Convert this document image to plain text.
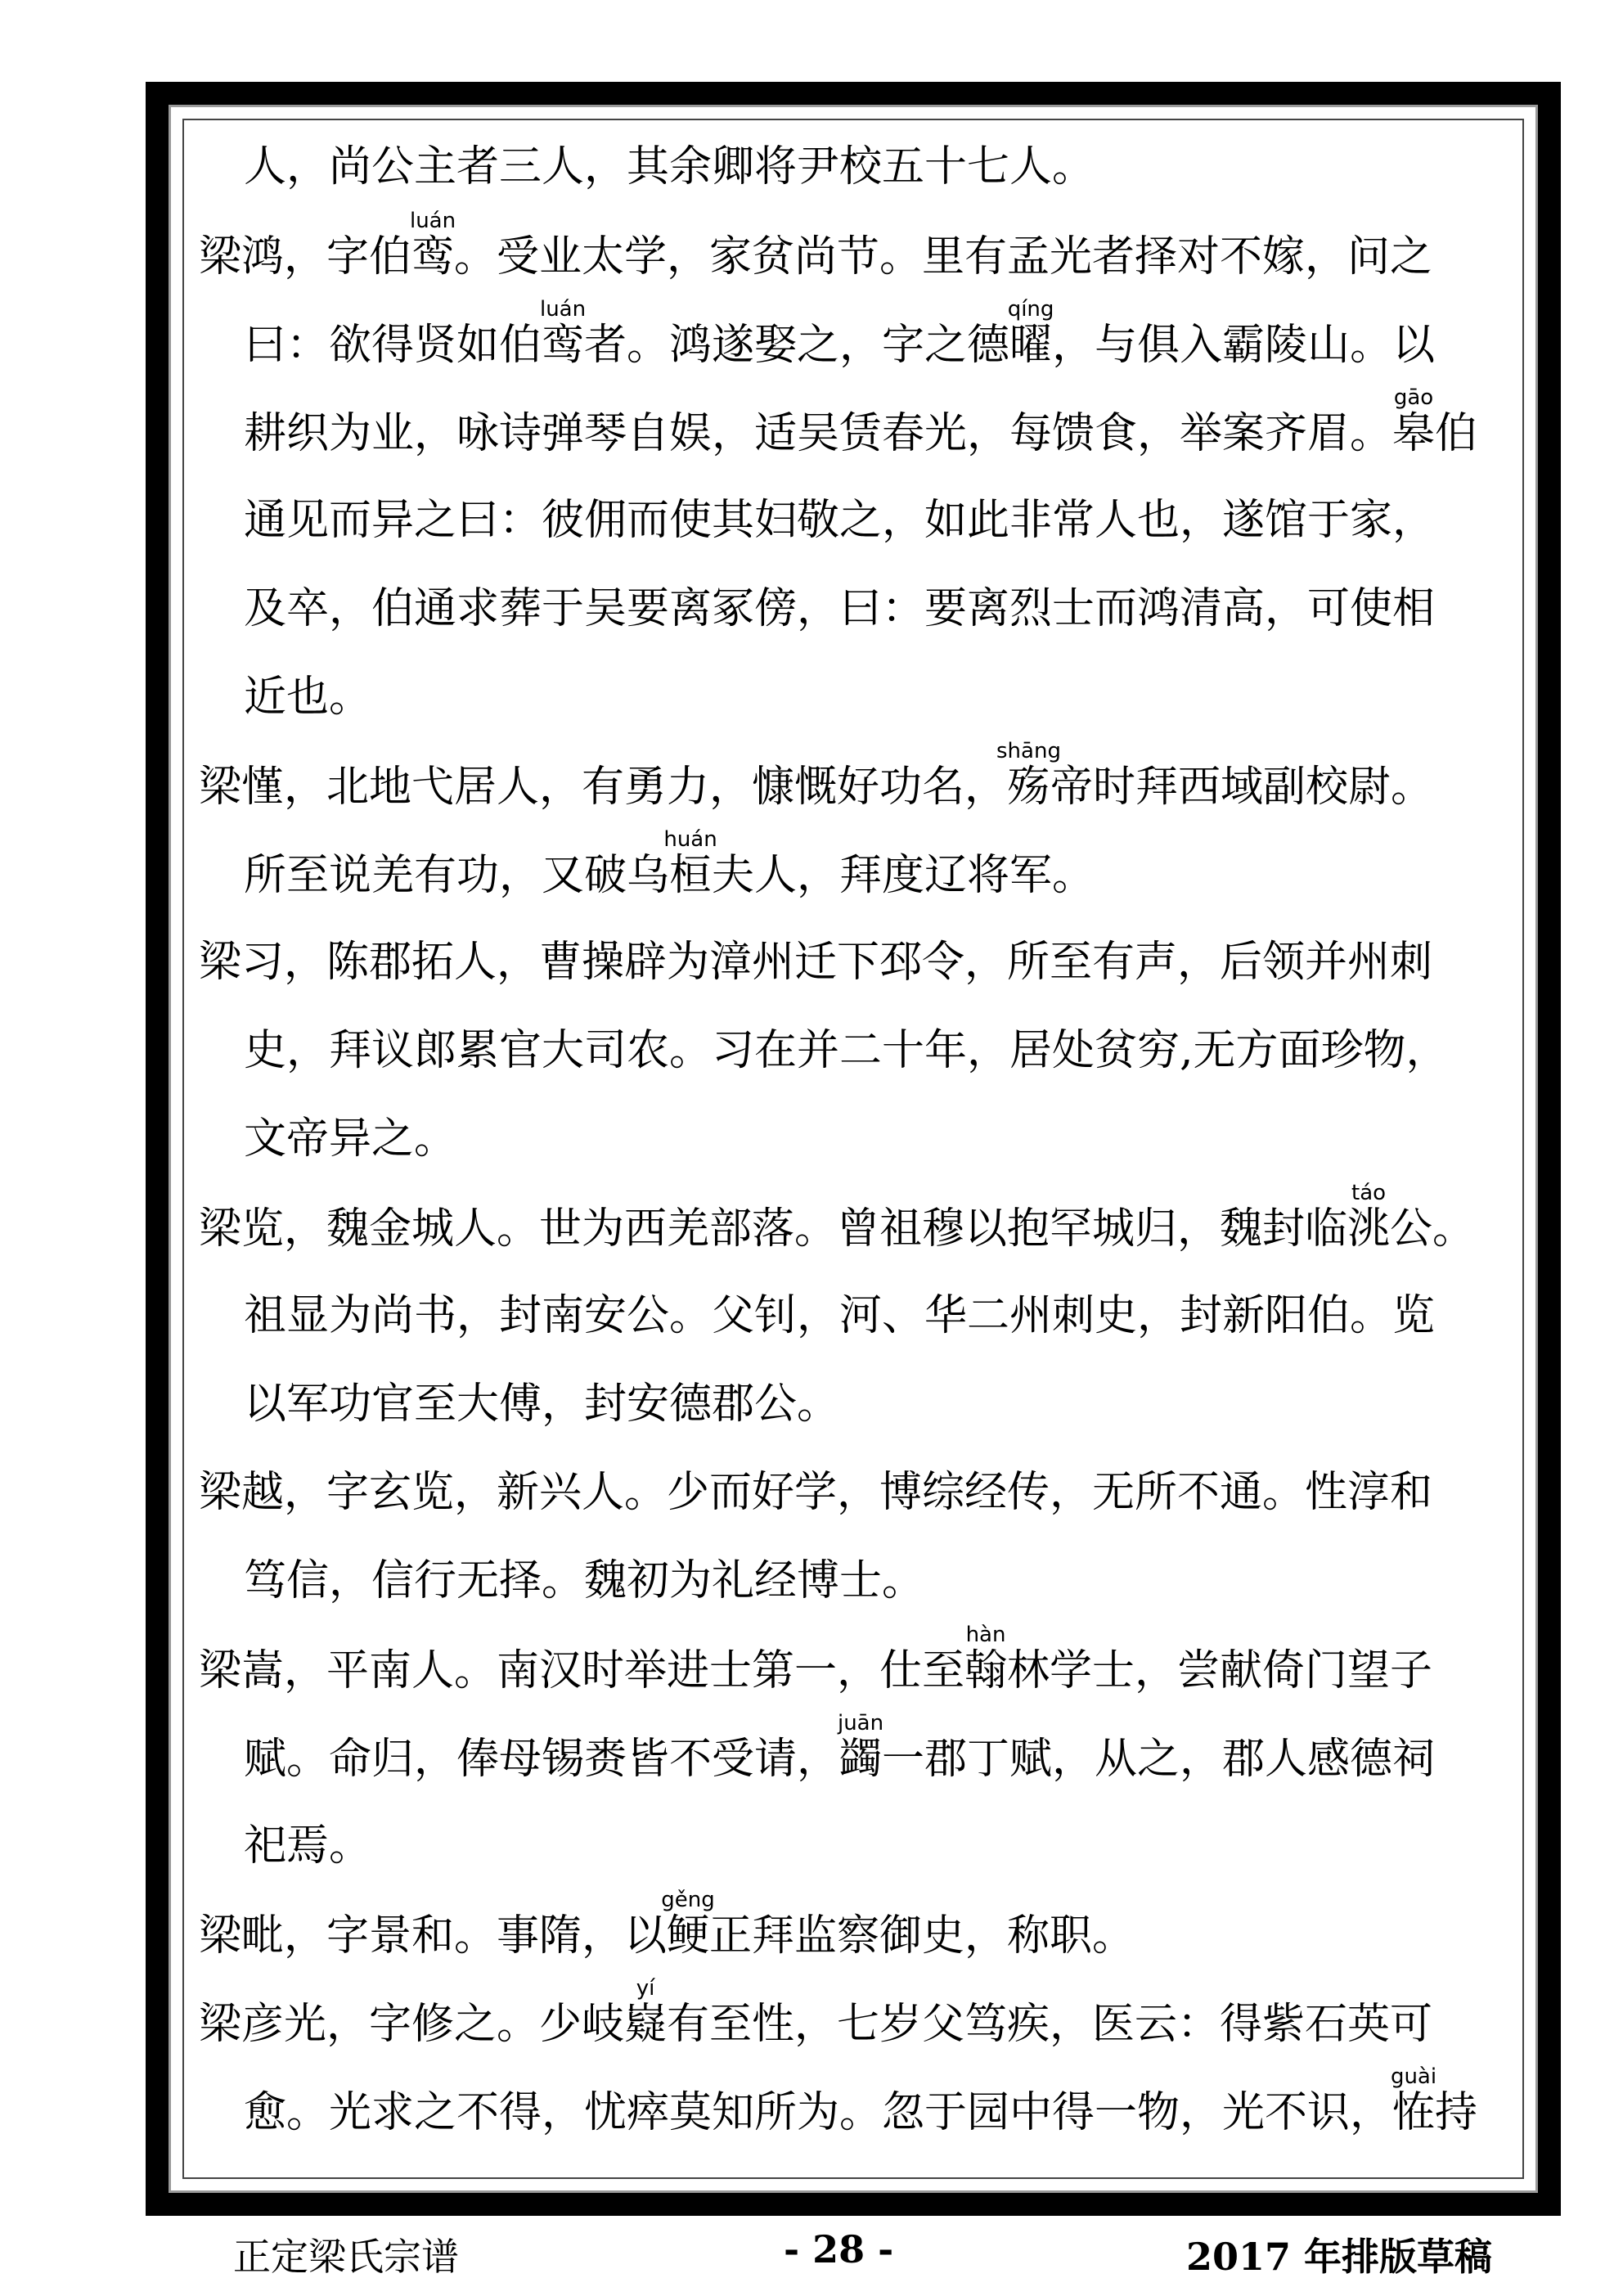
人，尚公主者三人，其余卿将尹校五十七人。
梁鸿，字伯鸾luán。受业太学，家贫尚节。里有孟光者择对不嫁，问之
曰：欲得贤如伯鸾luán者。鸿遂娶之，字之德曜qíng，与俱入霸陵山。以
耕织为业，咏诗弹琴自娱，适吴赁春光，每馈食，举案齐眉。皋gāo伯
通见而异之曰：彼佣而使其妇敬之，如此非常人也，遂馆于家，
及卒，伯通求葬于吴要离冢傍，曰：要离烈士而鸿清高，可使相
近也。
梁慬，北地弋居人，有勇力，慷慨好功名，殇shāng帝时拜西域副校尉。
所至说羌有功，又破乌桓huán夫人，拜度辽将军。
梁习，陈郡拓人，曹操辟为漳州迁下邳令，所至有声，后领并州刺
史，拜议郎累官大司农。习在并二十年，居处贫穷,无方面珍物，
文帝异之。
梁览，魏金城人。世为西羌部落。曾祖穆以抱罕城归，魏封临洮táo公。
祖显为尚书，封南安公。父钊，河、华二州刺史，封新阳伯。览
以军功官至大傅，封安德郡公。
梁越，字玄览，新兴人。少而好学，博综经传，无所不通。性淳和
笃信，信行无择。魏初为礼经博士。
梁嵩，平南人。南汉时举进士第一，仕至翰hàn林学士，尝献倚门望子
赋。命归，俸母锡赉皆不受请，蠲juān一郡丁赋，从之，郡人感德祠
祀焉。
梁毗，字景和。事隋，以鲠gěng正拜监察御史，称职。
梁彦光，字修之。少岐嶷yí有至性，七岁父笃疾，医云：得紫石英可
愈。光求之不得，忧瘁莫知所为。忽于园中得一物，光不识，恠guài持
正定梁氏宗谱	- 28 -	2017 年排版草稿
